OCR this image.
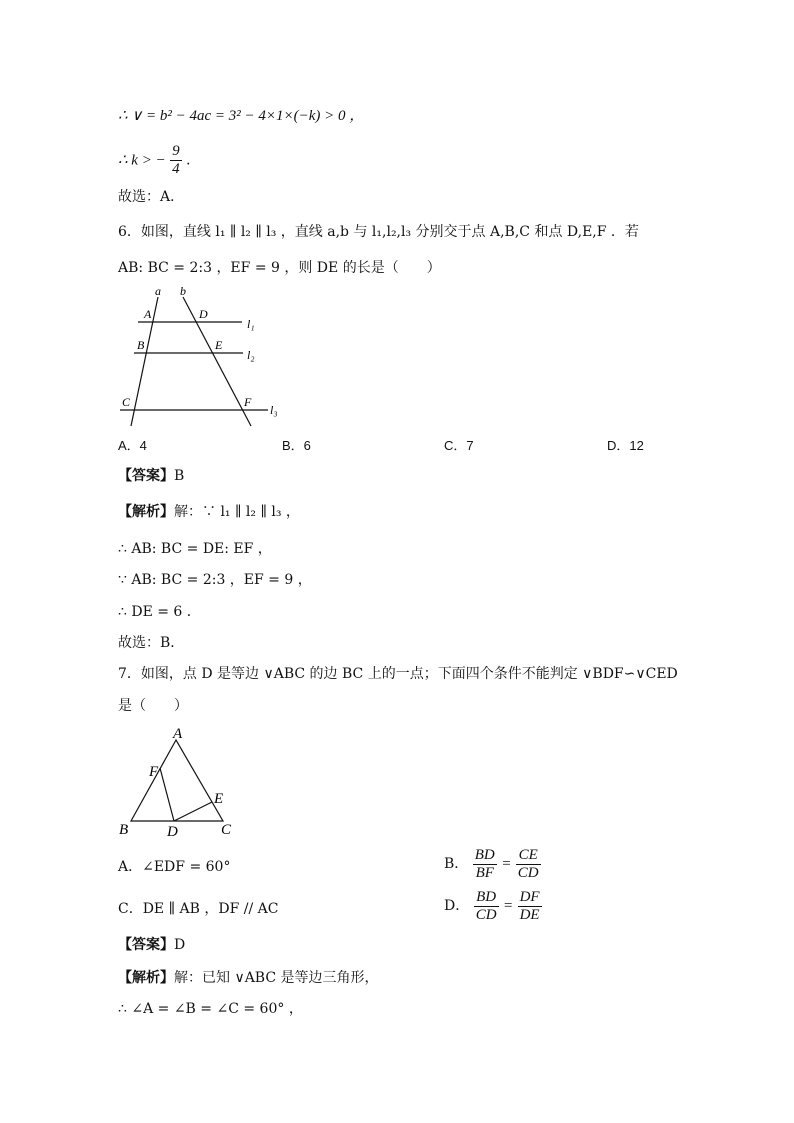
∴ ∨ = b² − 4ac = 3² − 4×1×(−k) > 0 ，
∴ k > − $\frac{9}{4}$ ．
故选：A．
6．如图，直线 l₁ ∥ l₂ ∥ l₃ ，直线 a,b 与 l₁,l₂,l₃ 分别交于点 A,B,C 和点 D,E,F ．若
AB: BC = 2:3 ，EF = 9 ，则 DE 的长是（　　）
a b
A	D
l₁
B	E
l₂
C	F
l₃
A．4	B．6	C．7	D．12
【答案】B
【解析】解：∵ l₁ ∥ l₂ ∥ l₃ ，
∴ AB: BC = DE: EF ，
∵ AB: BC = 2:3 ，EF = 9 ，
∴ DE = 6 ．
故选：B．
7．如图，点 D 是等边 ∨ABC 的边 BC 上的一点；下面四个条件不能判定 ∨BDF∽∨CED
是（　　）
A
F
E
B	D	C
A．∠EDF = 60°	B． $\frac{BD}{BF} = \frac{CE}{CD}$
C．DE ∥ AB ，DF // AC	D． $\frac{BD}{CD} = \frac{DF}{DE}$
【答案】D
【解析】解：已知 ∨ABC 是等边三角形，
∴ ∠A = ∠B = ∠C = 60° ，
